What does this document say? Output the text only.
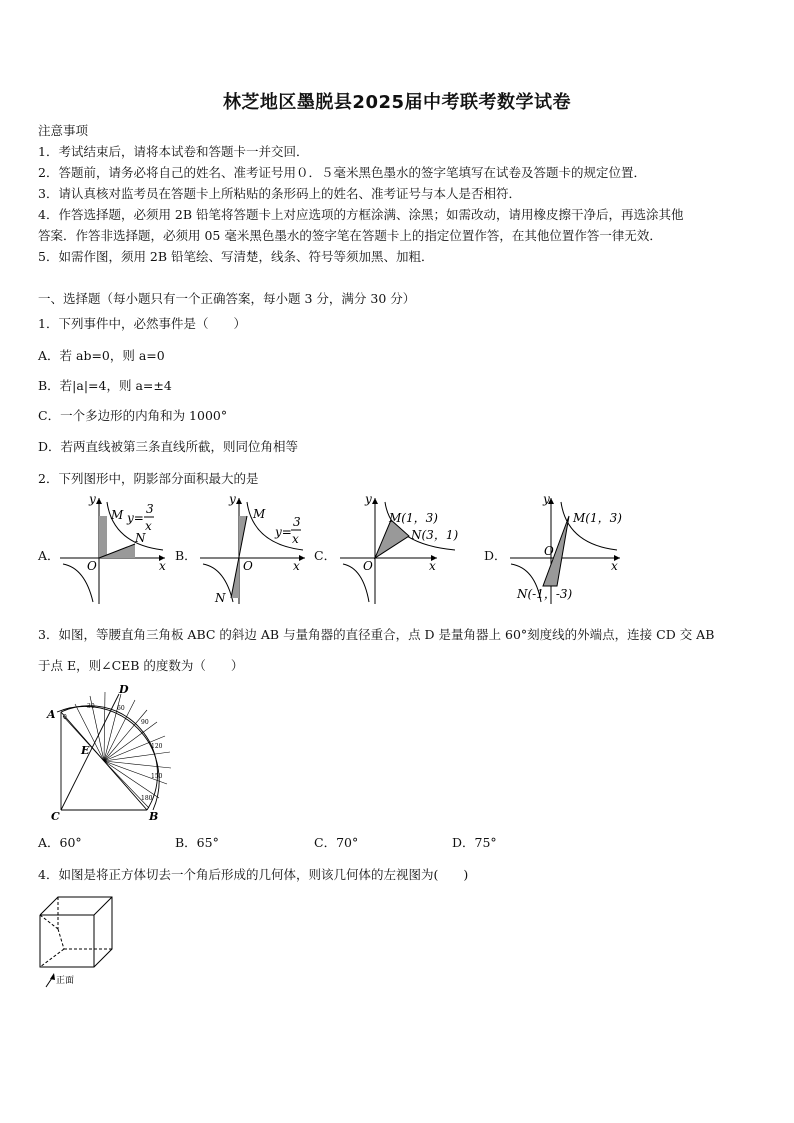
林芝地区墨脱县2025届中考联考数学试卷
注意事项
1．考试结束后，请将本试卷和答题卡一并交回．
2．答题前，请务必将自己的姓名、准考证号用０．５毫米黑色墨水的签字笔填写在试卷及答题卡的规定位置．
3．请认真核对监考员在答题卡上所粘贴的条形码上的姓名、准考证号与本人是否相符．
4．作答选择题，必须用 2B 铅笔将答题卡上对应选项的方框涂满、涂黑；如需改动，请用橡皮擦干净后，再选涂其他
答案．作答非选择题，必须用 05 毫米黑色墨水的签字笔在答题卡上的指定位置作答，在其他位置作答一律无效．
5．如需作图，须用 2B 铅笔绘、写清楚，线条、符号等须加黑、加粗．
一、选择题（每小题只有一个正确答案，每小题 3 分，满分 30 分）
1．下列事件中，必然事件是（　　）
A．若 ab=0，则 a=0
B．若|a|=4，则 a=±4
C．一个多边形的内角和为 1000°
D．若两直线被第三条直线所截，则同位角相等
2．下列图形中，阴影部分面积最大的是
A．	B．	C．	D．
y
x
O
M
N
y=
3
x
y
x
O
M
N
y=
3
x
y
x
O
M(1，3)
N(3，1)
y
x
O
M(1，3)
N(-1，-3)
3．如图，等腰直角三角板 ABC 的斜边 AB 与量角器的直径重合，点 D 是量角器上 60°刻度线的外端点，连接 CD 交 AB
于点 E，则∠CEB 的度数为（　　）
A
B
C
D
E
0
30	60
90
120
150
180
A．60°	B．65°	C．70°	D．75°
4．如图是将正方体切去一个角后形成的几何体，则该几何体的左视图为(　　)
正面
